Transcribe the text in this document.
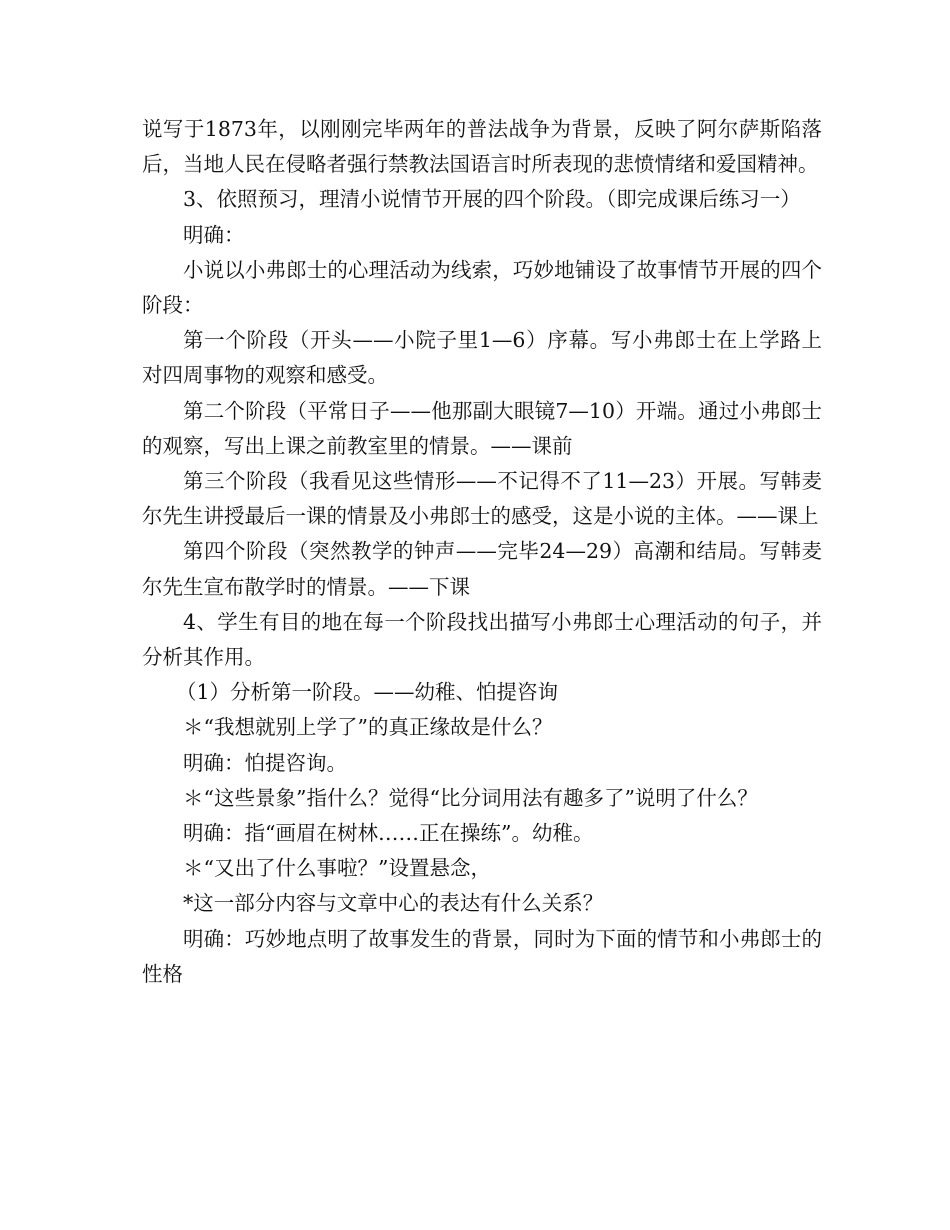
说写于1873年，以刚刚完毕两年的普法战争为背景，反映了阿尔萨斯陷落后，当地人民在侵略者强行禁教法国语言时所表现的悲愤情绪和爱国精神。

3、依照预习，理清小说情节开展的四个阶段。（即完成课后练习一）

明确：

小说以小弗郎士的心理活动为线索，巧妙地铺设了故事情节开展的四个阶段：

第一个阶段（开头——小院子里1—6）序幕。写小弗郎士在上学路上对四周事物的观察和感受。

第二个阶段（平常日子——他那副大眼镜7—10）开端。通过小弗郎士的观察，写出上课之前教室里的情景。——课前

第三个阶段（我看见这些情形——不记得不了11—23）开展。写韩麦尔先生讲授最后一课的情景及小弗郎士的感受，这是小说的主体。——课上

第四个阶段（突然教学的钟声——完毕24—29）高潮和结局。写韩麦尔先生宣布散学时的情景。——下课

4、学生有目的地在每一个阶段找出描写小弗郎士心理活动的句子，并分析其作用。

（1）分析第一阶段。——幼稚、怕提咨询

＊“我想就别上学了”的真正缘故是什么？

明确：怕提咨询。

＊“这些景象”指什么？觉得“比分词用法有趣多了”说明了什么？

明确：指“画眉在树林……正在操练”。幼稚。

＊“又出了什么事啦？”设置悬念，

*这一部分内容与文章中心的表达有什么关系？

明确：巧妙地点明了故事发生的背景，同时为下面的情节和小弗郎士的性格
